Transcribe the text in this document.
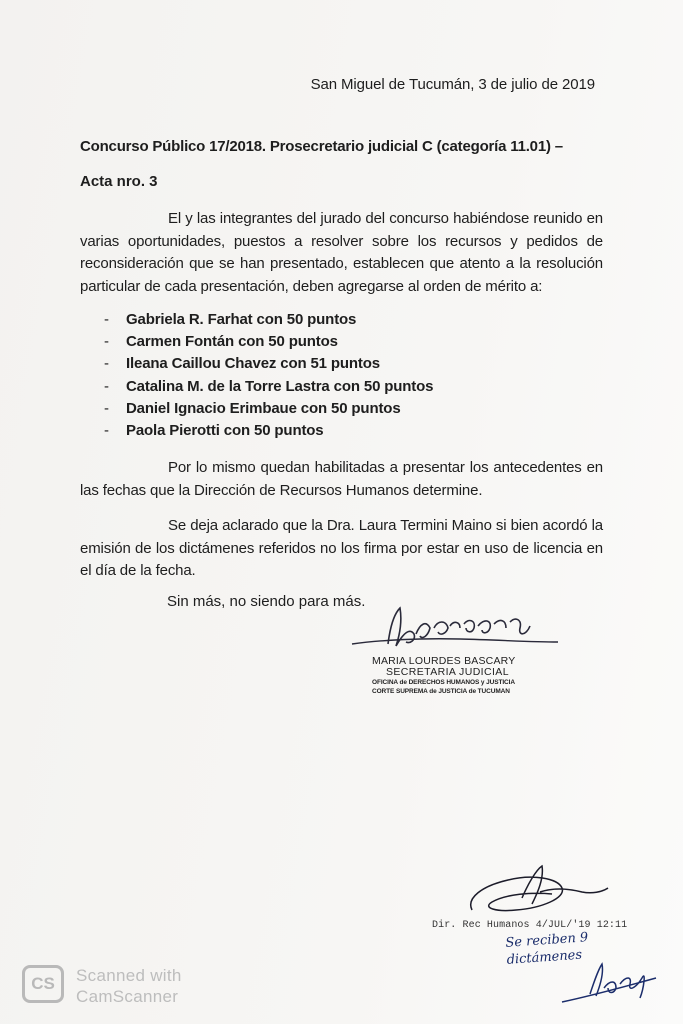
San Miguel de Tucumán, 3 de julio de 2019
Concurso Público 17/2018. Prosecretario judicial C (categoría 11.01) –
Acta nro. 3
El y las integrantes del jurado del concurso habiéndose reunido en varias oportunidades, puestos a resolver sobre los recursos y pedidos de reconsideración que se han presentado, establecen que atento a la resolución particular de cada presentación, deben agregarse al orden de mérito a:
-	Gabriela R. Farhat con 50 puntos
-	Carmen Fontán con 50 puntos
-	Ileana Caillou Chavez con 51 puntos
-	Catalina M. de la Torre Lastra con 50 puntos
-	Daniel Ignacio Erimbaue con 50 puntos
-	Paola Pierotti con 50 puntos
Por lo mismo quedan habilitadas a presentar los antecedentes en las fechas que la Dirección de Recursos Humanos determine.
Se deja aclarado que la Dra. Laura Termini Maino si bien acordó la emisión de los dictámenes referidos no los firma por estar en uso de licencia en el día de la fecha.
Sin más, no siendo para más.
MARIA LOURDES BASCARY
SECRETARIA JUDICIAL
OFICINA de DERECHOS HUMANOS y JUSTICIA
CORTE SUPREMA de JUSTICIA de TUCUMAN
Dir. Rec Humanos 4/JUL/'19 12:11
Se reciben 9
dictámenes
CS	Scanned with
CamScanner
